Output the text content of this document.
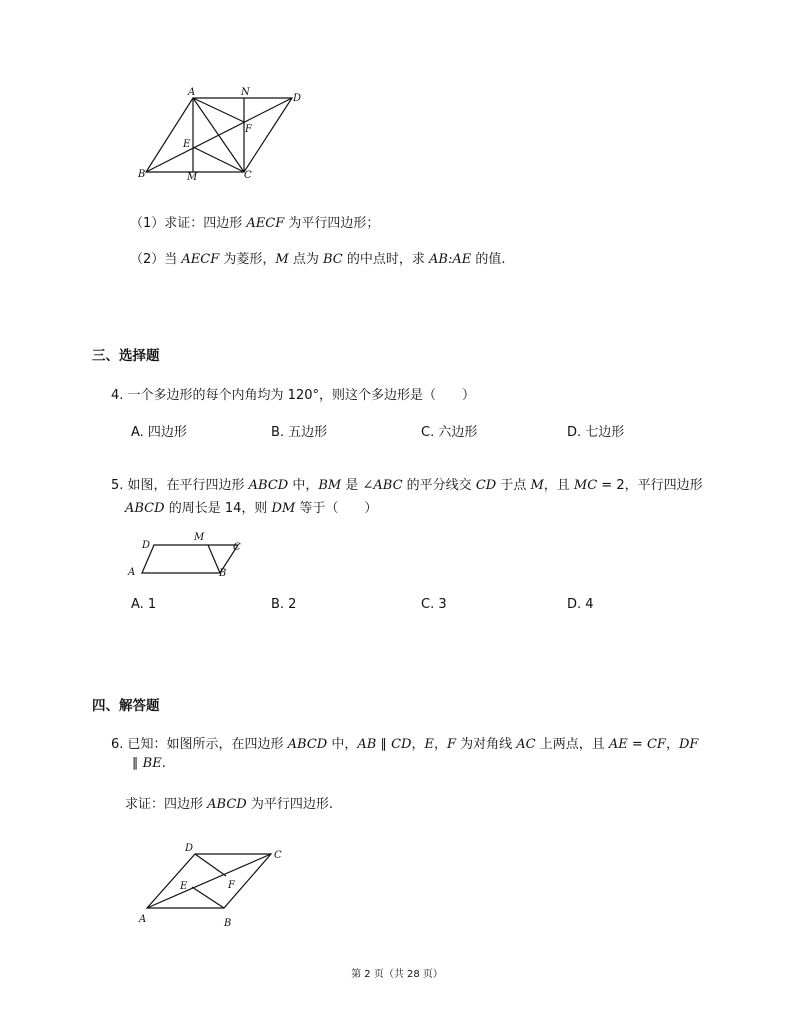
A	N
D
F
E
B	M	C
（1）求证：四边形 AECF 为平行四边形；
（2）当 AECF 为菱形，M 点为 BC 的中点时，求 AB:AE 的值.
三、选择题
4. 一个多边形的每个内角均为 120°，则这个多边形是（　　）
A. 四边形	B. 五边形	C. 六边形	D. 七边形
5. 如图，在平行四边形 ABCD 中，BM 是 ∠ABC 的平分线交 CD 于点 M，且 MC = 2，平行四边形
ABCD 的周长是 14，则 DM 等于（　　）
D
M
C
A	B
A. 1	B. 2	C. 3	D. 4
四、解答题
6. 已知：如图所示，在四边形 ABCD 中，AB ∥ CD，E，F 为对角线 AC 上两点，且 AE = CF，DF
∥ BE.
求证：四边形 ABCD 为平行四边形.
D
C
E	F
A	B
第 2 页（共 28 页）
